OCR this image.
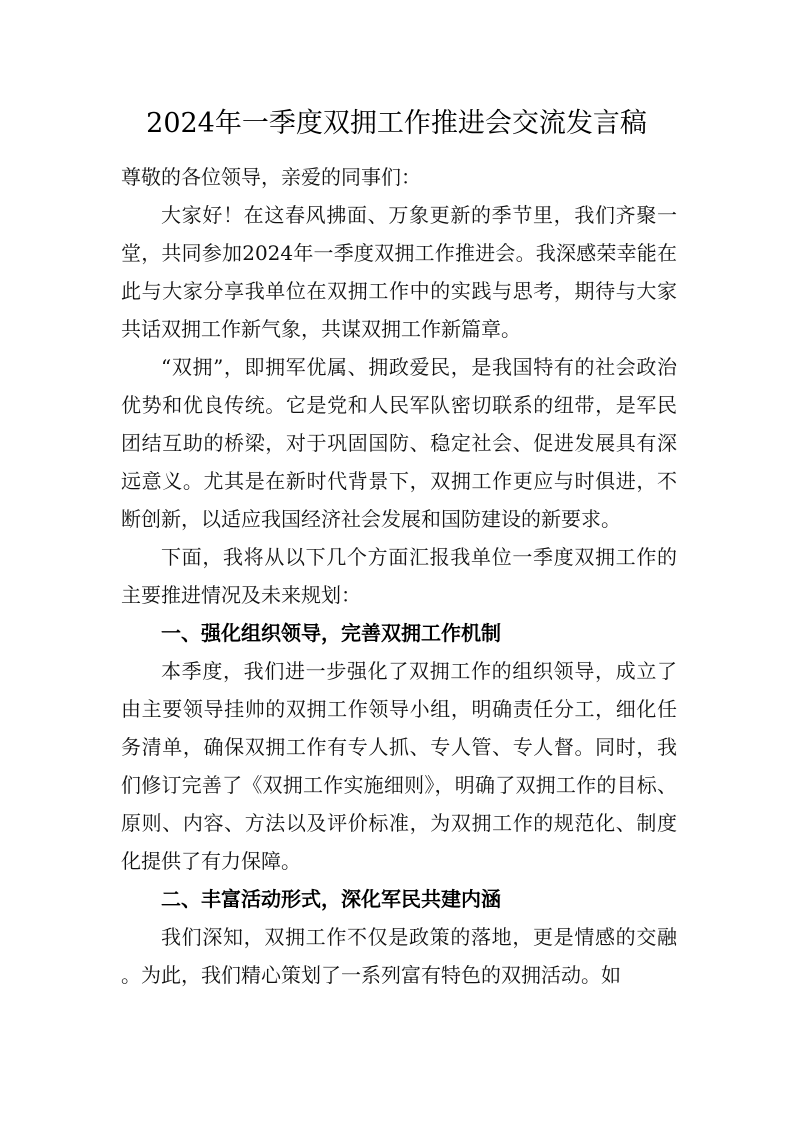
2024年一季度双拥工作推进会交流发言稿

尊敬的各位领导，亲爱的同事们：

大家好！在这春风拂面、万象更新的季节里，我们齐聚一堂，共同参加2024年一季度双拥工作推进会。我深感荣幸能在此与大家分享我单位在双拥工作中的实践与思考，期待与大家共话双拥工作新气象，共谋双拥工作新篇章。

“双拥”，即拥军优属、拥政爱民，是我国特有的社会政治优势和优良传统。它是党和人民军队密切联系的纽带，是军民团结互助的桥梁，对于巩固国防、稳定社会、促进发展具有深远意义。尤其是在新时代背景下，双拥工作更应与时俱进，不断创新，以适应我国经济社会发展和国防建设的新要求。

下面，我将从以下几个方面汇报我单位一季度双拥工作的主要推进情况及未来规划：

一、强化组织领导，完善双拥工作机制

本季度，我们进一步强化了双拥工作的组织领导，成立了由主要领导挂帅的双拥工作领导小组，明确责任分工，细化任务清单，确保双拥工作有专人抓、专人管、专人督。同时，我们修订完善了《双拥工作实施细则》，明确了双拥工作的目标、原则、内容、方法以及评价标准，为双拥工作的规范化、制度化提供了有力保障。

二、丰富活动形式，深化军民共建内涵

我们深知，双拥工作不仅是政策的落地，更是情感的交融。为此，我们精心策划了一系列富有特色的双拥活动。如
